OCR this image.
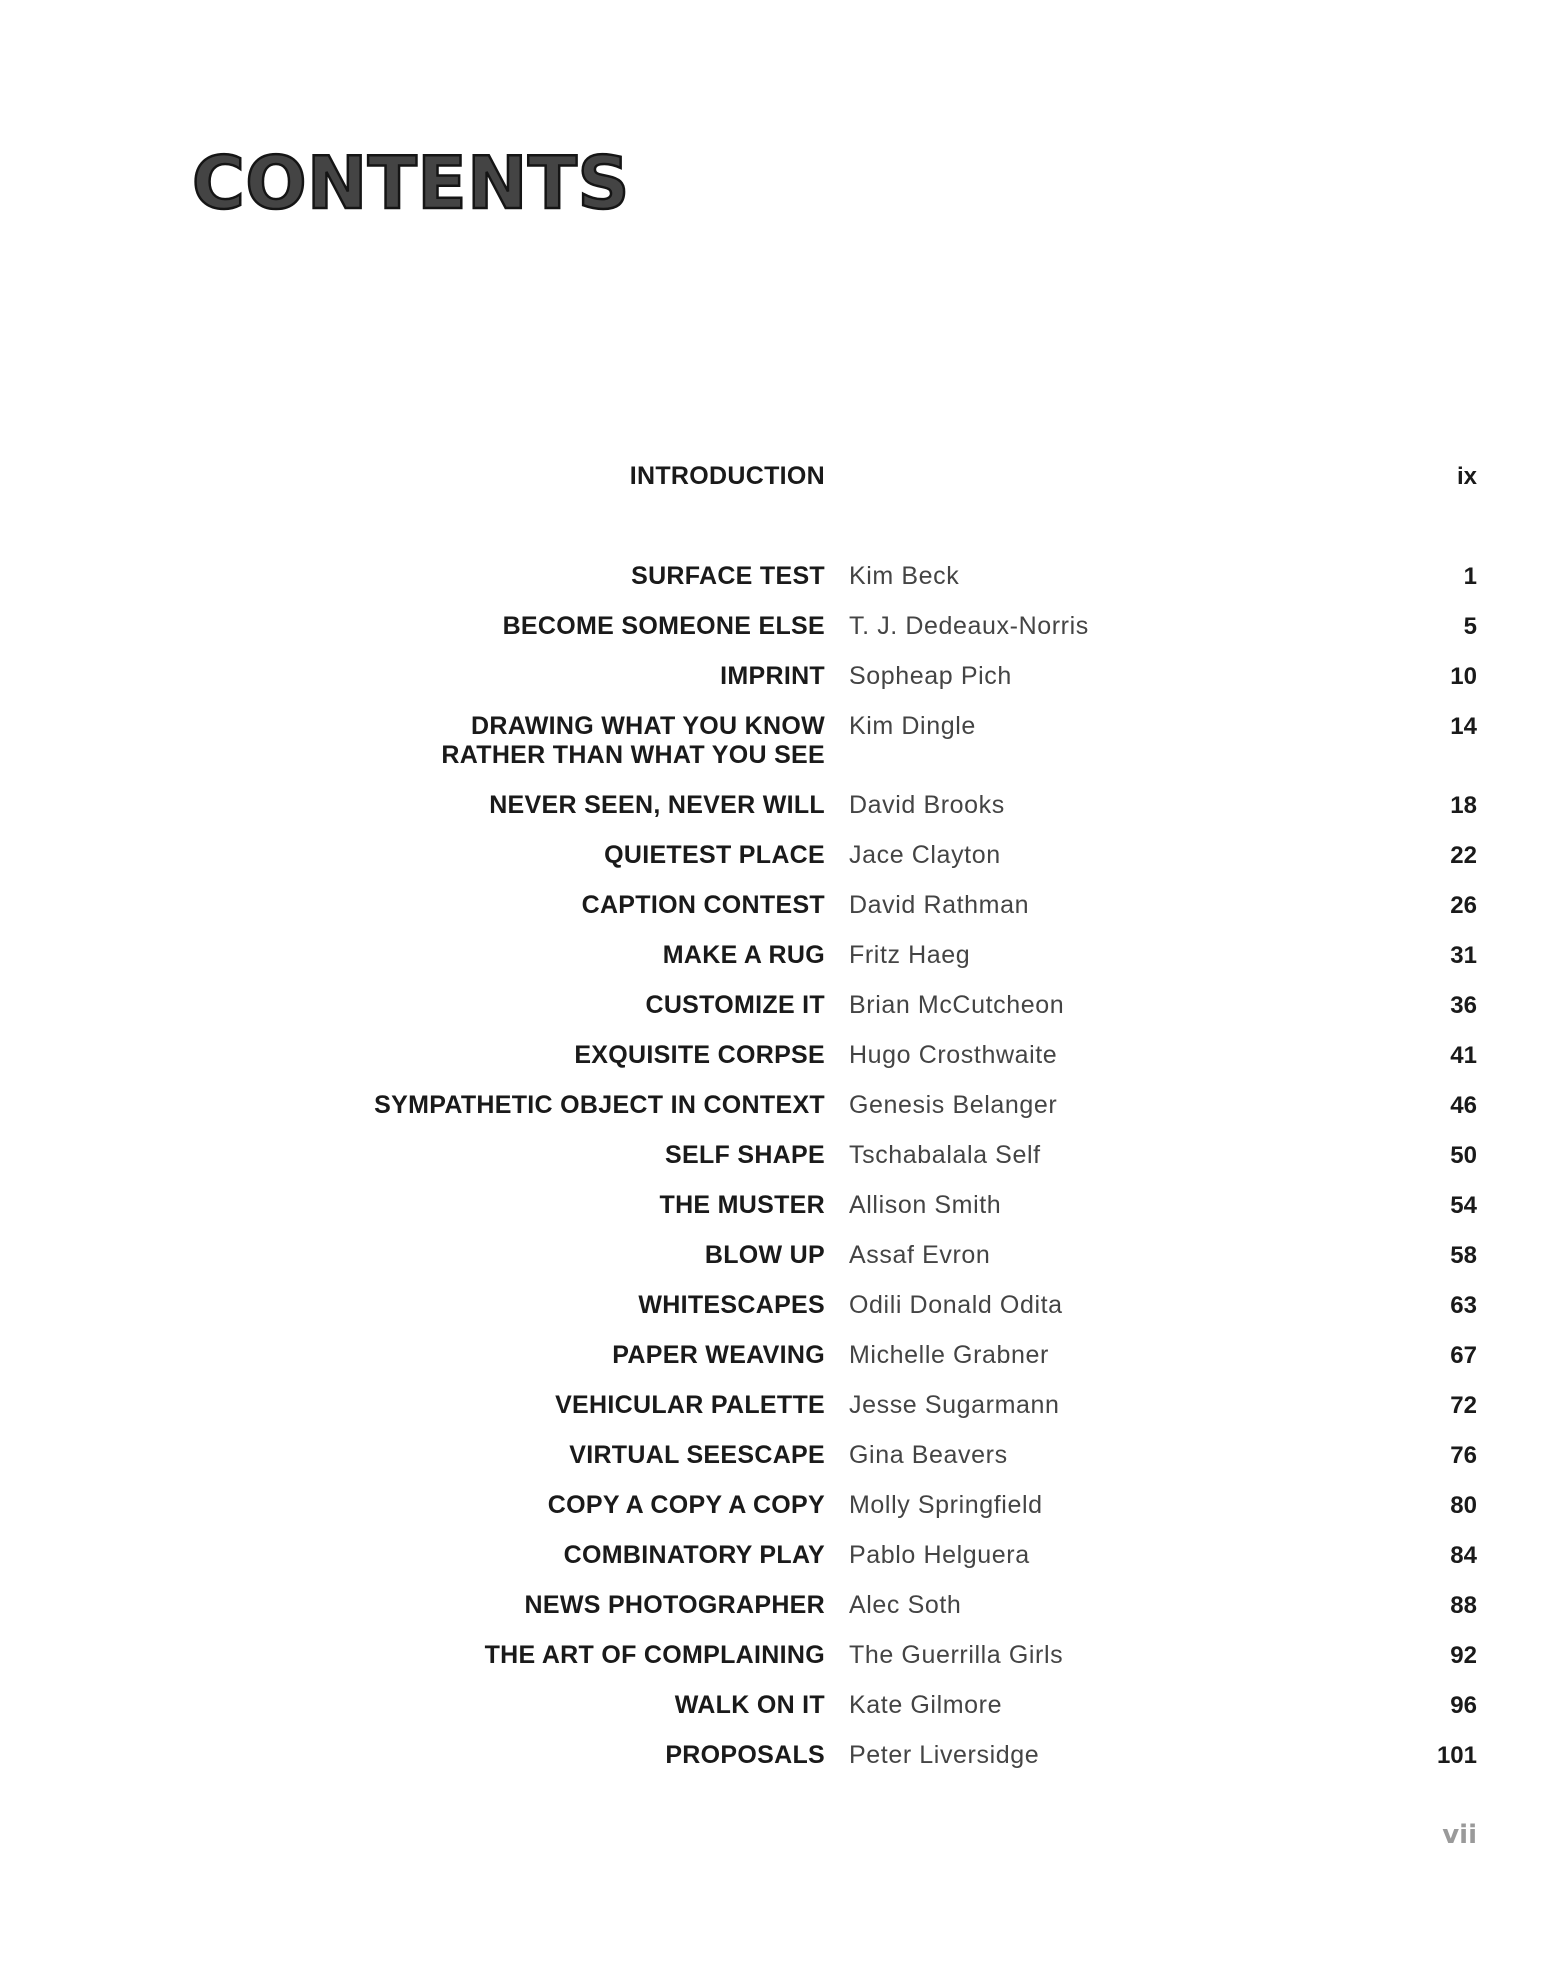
CONTENTS
INTRODUCTION	ix
SURFACE TEST Kim Beck	1
BECOME SOMEONE ELSE T. J. Dedeaux-Norris	5
IMPRINT Sopheap Pich	10
DRAWING WHAT YOU KNOW
RATHER THAN WHAT YOU SEE
Kim Dingle	14
NEVER SEEN, NEVER WILL David Brooks	18
QUIETEST PLACE Jace Clayton	22
CAPTION CONTEST David Rathman	26
MAKE A RUG Fritz Haeg	31
CUSTOMIZE IT Brian McCutcheon	36
EXQUISITE CORPSE Hugo Crosthwaite	41
SYMPATHETIC OBJECT IN CONTEXT Genesis Belanger	46
SELF SHAPE Tschabalala Self	50
THE MUSTER Allison Smith	54
BLOW UP Assaf Evron	58
WHITESCAPES Odili Donald Odita	63
PAPER WEAVING Michelle Grabner	67
VEHICULAR PALETTE Jesse Sugarmann	72
VIRTUAL SEESCAPE Gina Beavers	76
COPY A COPY A COPY Molly Springfield	80
COMBINATORY PLAY Pablo Helguera	84
NEWS PHOTOGRAPHER Alec Soth	88
THE ART OF COMPLAINING The Guerrilla Girls	92
WALK ON IT Kate Gilmore	96
PROPOSALS Peter Liversidge	101
vii
